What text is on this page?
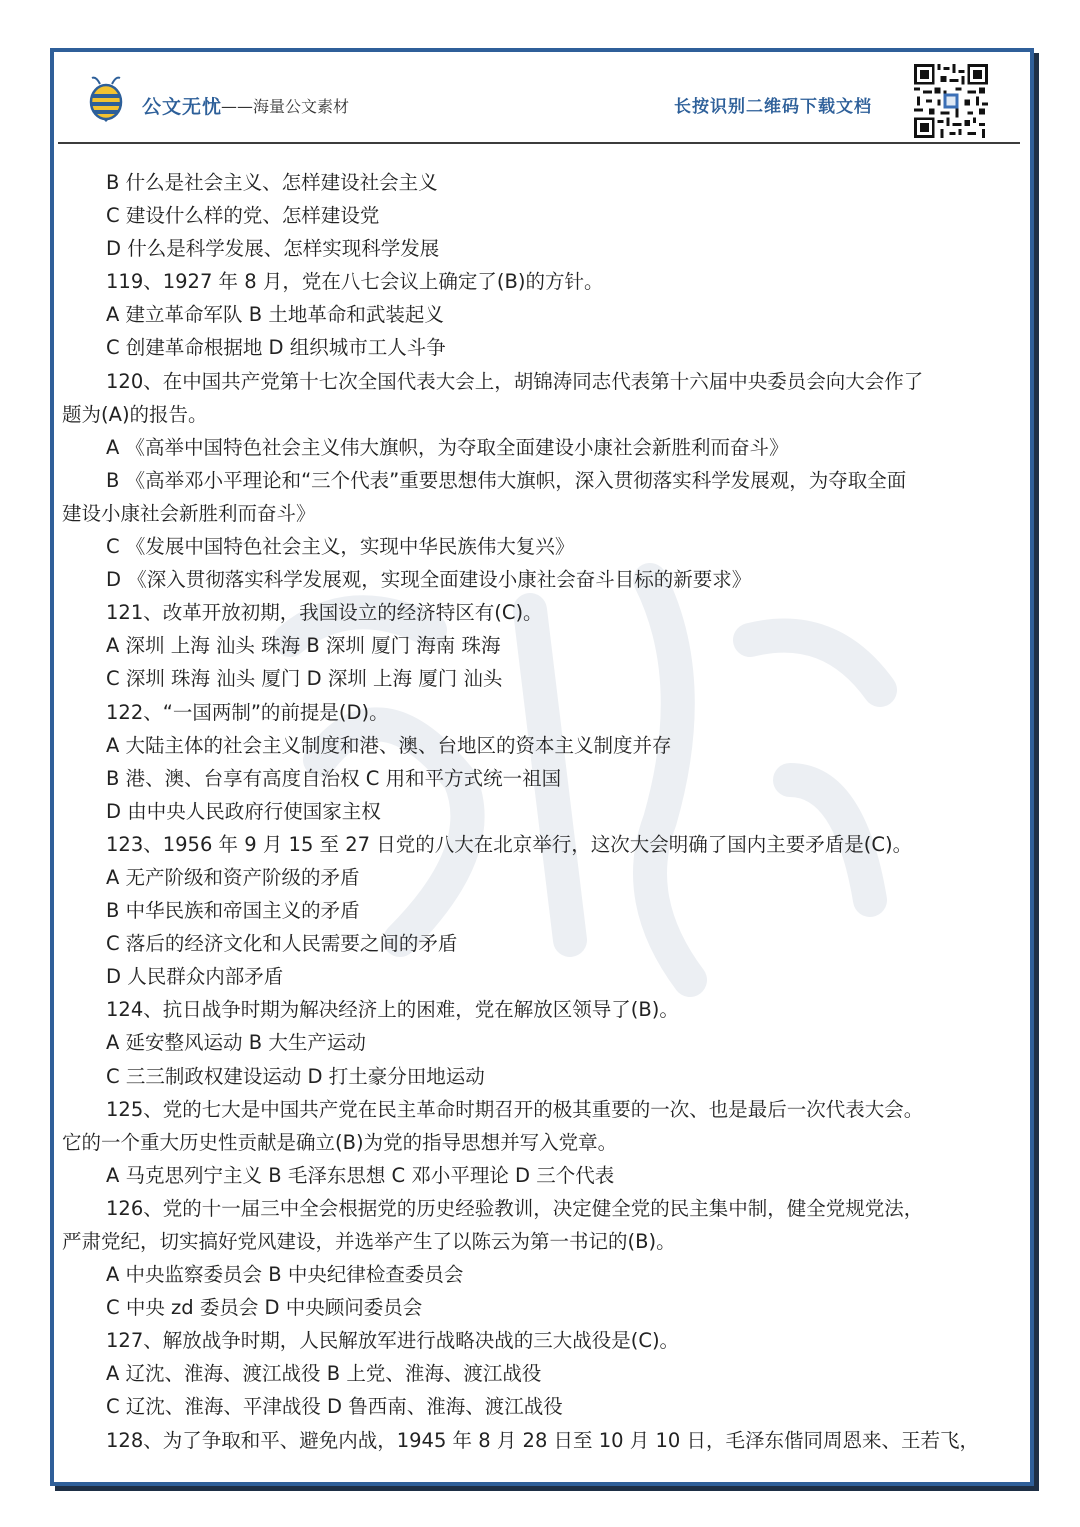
公文无忧
——海量公文素材	长按识别二维码下载文档
B 什么是社会主义、怎样建设社会主义
C 建设什么样的党、怎样建设党
D 什么是科学发展、怎样实现科学发展
119、1927 年 8 月，党在八七会议上确定了(B)的方针。
A 建立革命军队 B 土地革命和武装起义
C 创建革命根据地 D 组织城市工人斗争
120、在中国共产党第十七次全国代表大会上，胡锦涛同志代表第十六届中央委员会向大会作了
题为(A)的报告。
A 《高举中国特色社会主义伟大旗帜，为夺取全面建设小康社会新胜利而奋斗》
B 《高举邓小平理论和“三个代表”重要思想伟大旗帜，深入贯彻落实科学发展观，为夺取全面
建设小康社会新胜利而奋斗》
C 《发展中国特色社会主义，实现中华民族伟大复兴》
D 《深入贯彻落实科学发展观，实现全面建设小康社会奋斗目标的新要求》
121、改革开放初期，我国设立的经济特区有(C)。
A 深圳 上海 汕头 珠海 B 深圳 厦门 海南 珠海
C 深圳 珠海 汕头 厦门 D 深圳 上海 厦门 汕头
122、“一国两制”的前提是(D)。
A 大陆主体的社会主义制度和港、澳、台地区的资本主义制度并存
B 港、澳、台享有高度自治权 C 用和平方式统一祖国
D 由中央人民政府行使国家主权
123、1956 年 9 月 15 至 27 日党的八大在北京举行，这次大会明确了国内主要矛盾是(C)。
A 无产阶级和资产阶级的矛盾
B 中华民族和帝国主义的矛盾
C 落后的经济文化和人民需要之间的矛盾
D 人民群众内部矛盾
124、抗日战争时期为解决经济上的困难，党在解放区领导了(B)。
A 延安整风运动 B 大生产运动
C 三三制政权建设运动 D 打土豪分田地运动
125、党的七大是中国共产党在民主革命时期召开的极其重要的一次、也是最后一次代表大会。
它的一个重大历史性贡献是确立(B)为党的指导思想并写入党章。
A 马克思列宁主义 B 毛泽东思想 C 邓小平理论 D 三个代表
126、党的十一届三中全会根据党的历史经验教训，决定健全党的民主集中制，健全党规党法，
严肃党纪，切实搞好党风建设，并选举产生了以陈云为第一书记的(B)。
A 中央监察委员会 B 中央纪律检查委员会
C 中央 zd 委员会 D 中央顾问委员会
127、解放战争时期，人民解放军进行战略决战的三大战役是(C)。
A 辽沈、淮海、渡江战役 B 上党、淮海、渡江战役
C 辽沈、淮海、平津战役 D 鲁西南、淮海、渡江战役
128、为了争取和平、避免内战，1945 年 8 月 28 日至 10 月 10 日，毛泽东偕同周恩来、王若飞，
